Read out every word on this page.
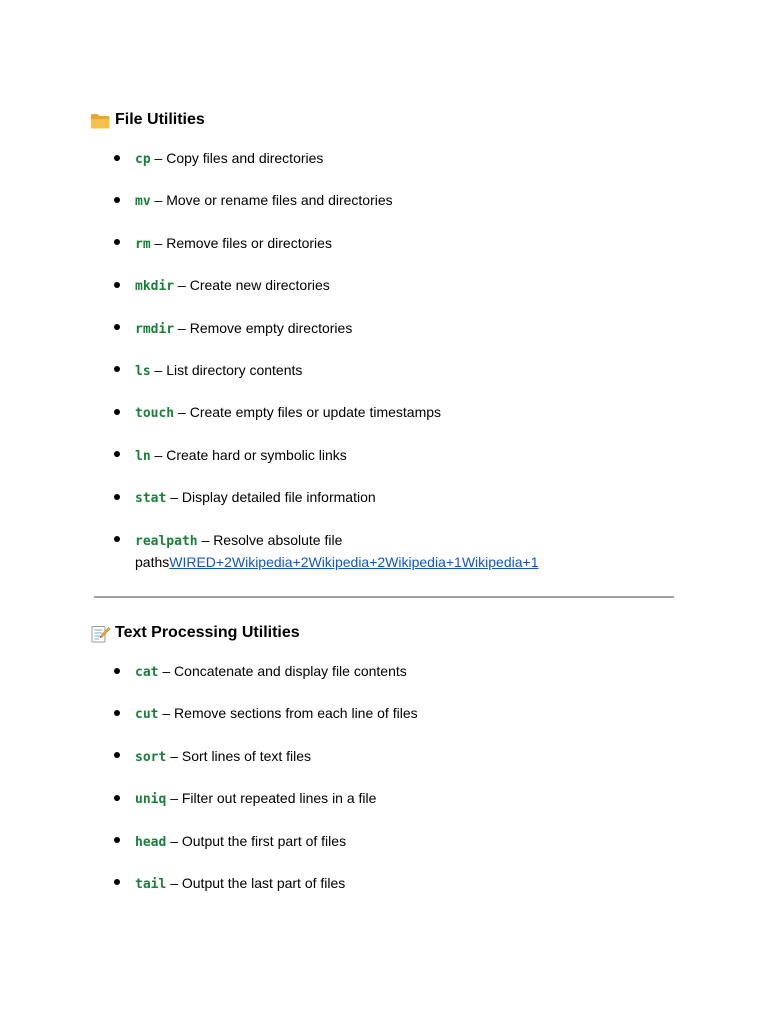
File Utilities
cp – Copy files and directories
mv – Move or rename files and directories
rm – Remove files or directories
mkdir – Create new directories
rmdir – Remove empty directories
ls – List directory contents
touch – Create empty files or update timestamps
ln – Create hard or symbolic links
stat – Display detailed file information
realpath – Resolve absolute file
pathsWIRED+2Wikipedia+2Wikipedia+2Wikipedia+1Wikipedia+1
Text Processing Utilities
cat – Concatenate and display file contents
cut – Remove sections from each line of files
sort – Sort lines of text files
uniq – Filter out repeated lines in a file
head – Output the first part of files
tail – Output the last part of files
